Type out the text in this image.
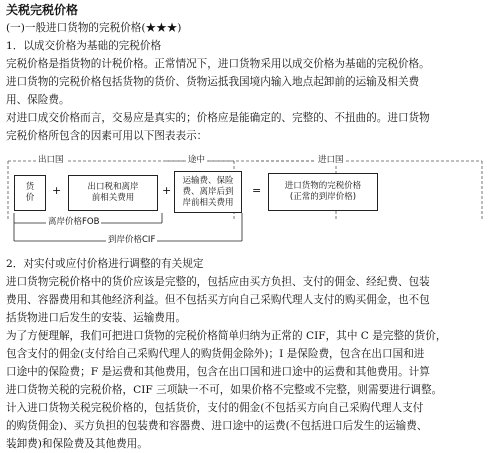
关税完税价格

(一)一般进口货物的完税价格(★★★)

1．以成交价格为基础的完税价格

完税价格是指货物的计税价格。正常情况下，进口货物采用以成交价格为基础的完税价格。

进口货物的完税价格包括货物的货价、货物运抵我国境内输入地点起卸前的运输及相关费

用、保险费。

对进口成交价格而言，交易应是真实的；价格应是能确定的、完整的、不扭曲的。进口货物

完税价格所包含的因素可用以下图表表示：

出口国	途中	进口国
货
价
+	出口税和离岸
前相关费用
+
运输费、保险
费、离岸后到
岸前相关费用
=	进口货物的完税价格
(正常的到岸价格)
离岸价格FOB
到岸价格CIF

2．对实付或应付价格进行调整的有关规定

进口货物完税价格中的货价应该是完整的，包括应由买方负担、支付的佣金、经纪费、包装

费用、容器费用和其他经济利益。但不包括买方向自己采购代理人支付的购买佣金，也不包

括货物进口后发生的安装、运输费用。

为了方便理解，我们可把进口货物的完税价格简单归纳为正常的 CIF，其中 C 是完整的货价，

包含支付的佣金(支付给自己采购代理人的购货佣金除外)；I 是保险费，包含在出口国和进

口途中的保险费；F 是运费和其他费用，包含在出口国和进口途中的运费和其他费用。计算

进口货物关税的完税价格，CIF 三项缺一不可，如果价格不完整或不完整，则需要进行调整。

计入进口货物关税完税价格的，包括货价，支付的佣金(不包括买方向自己采购代理人支付

的购货佣金)、买方负担的包装费和容器费、进口途中的运费(不包括进口后发生的运输费、

装卸费)和保险费及其他费用。
